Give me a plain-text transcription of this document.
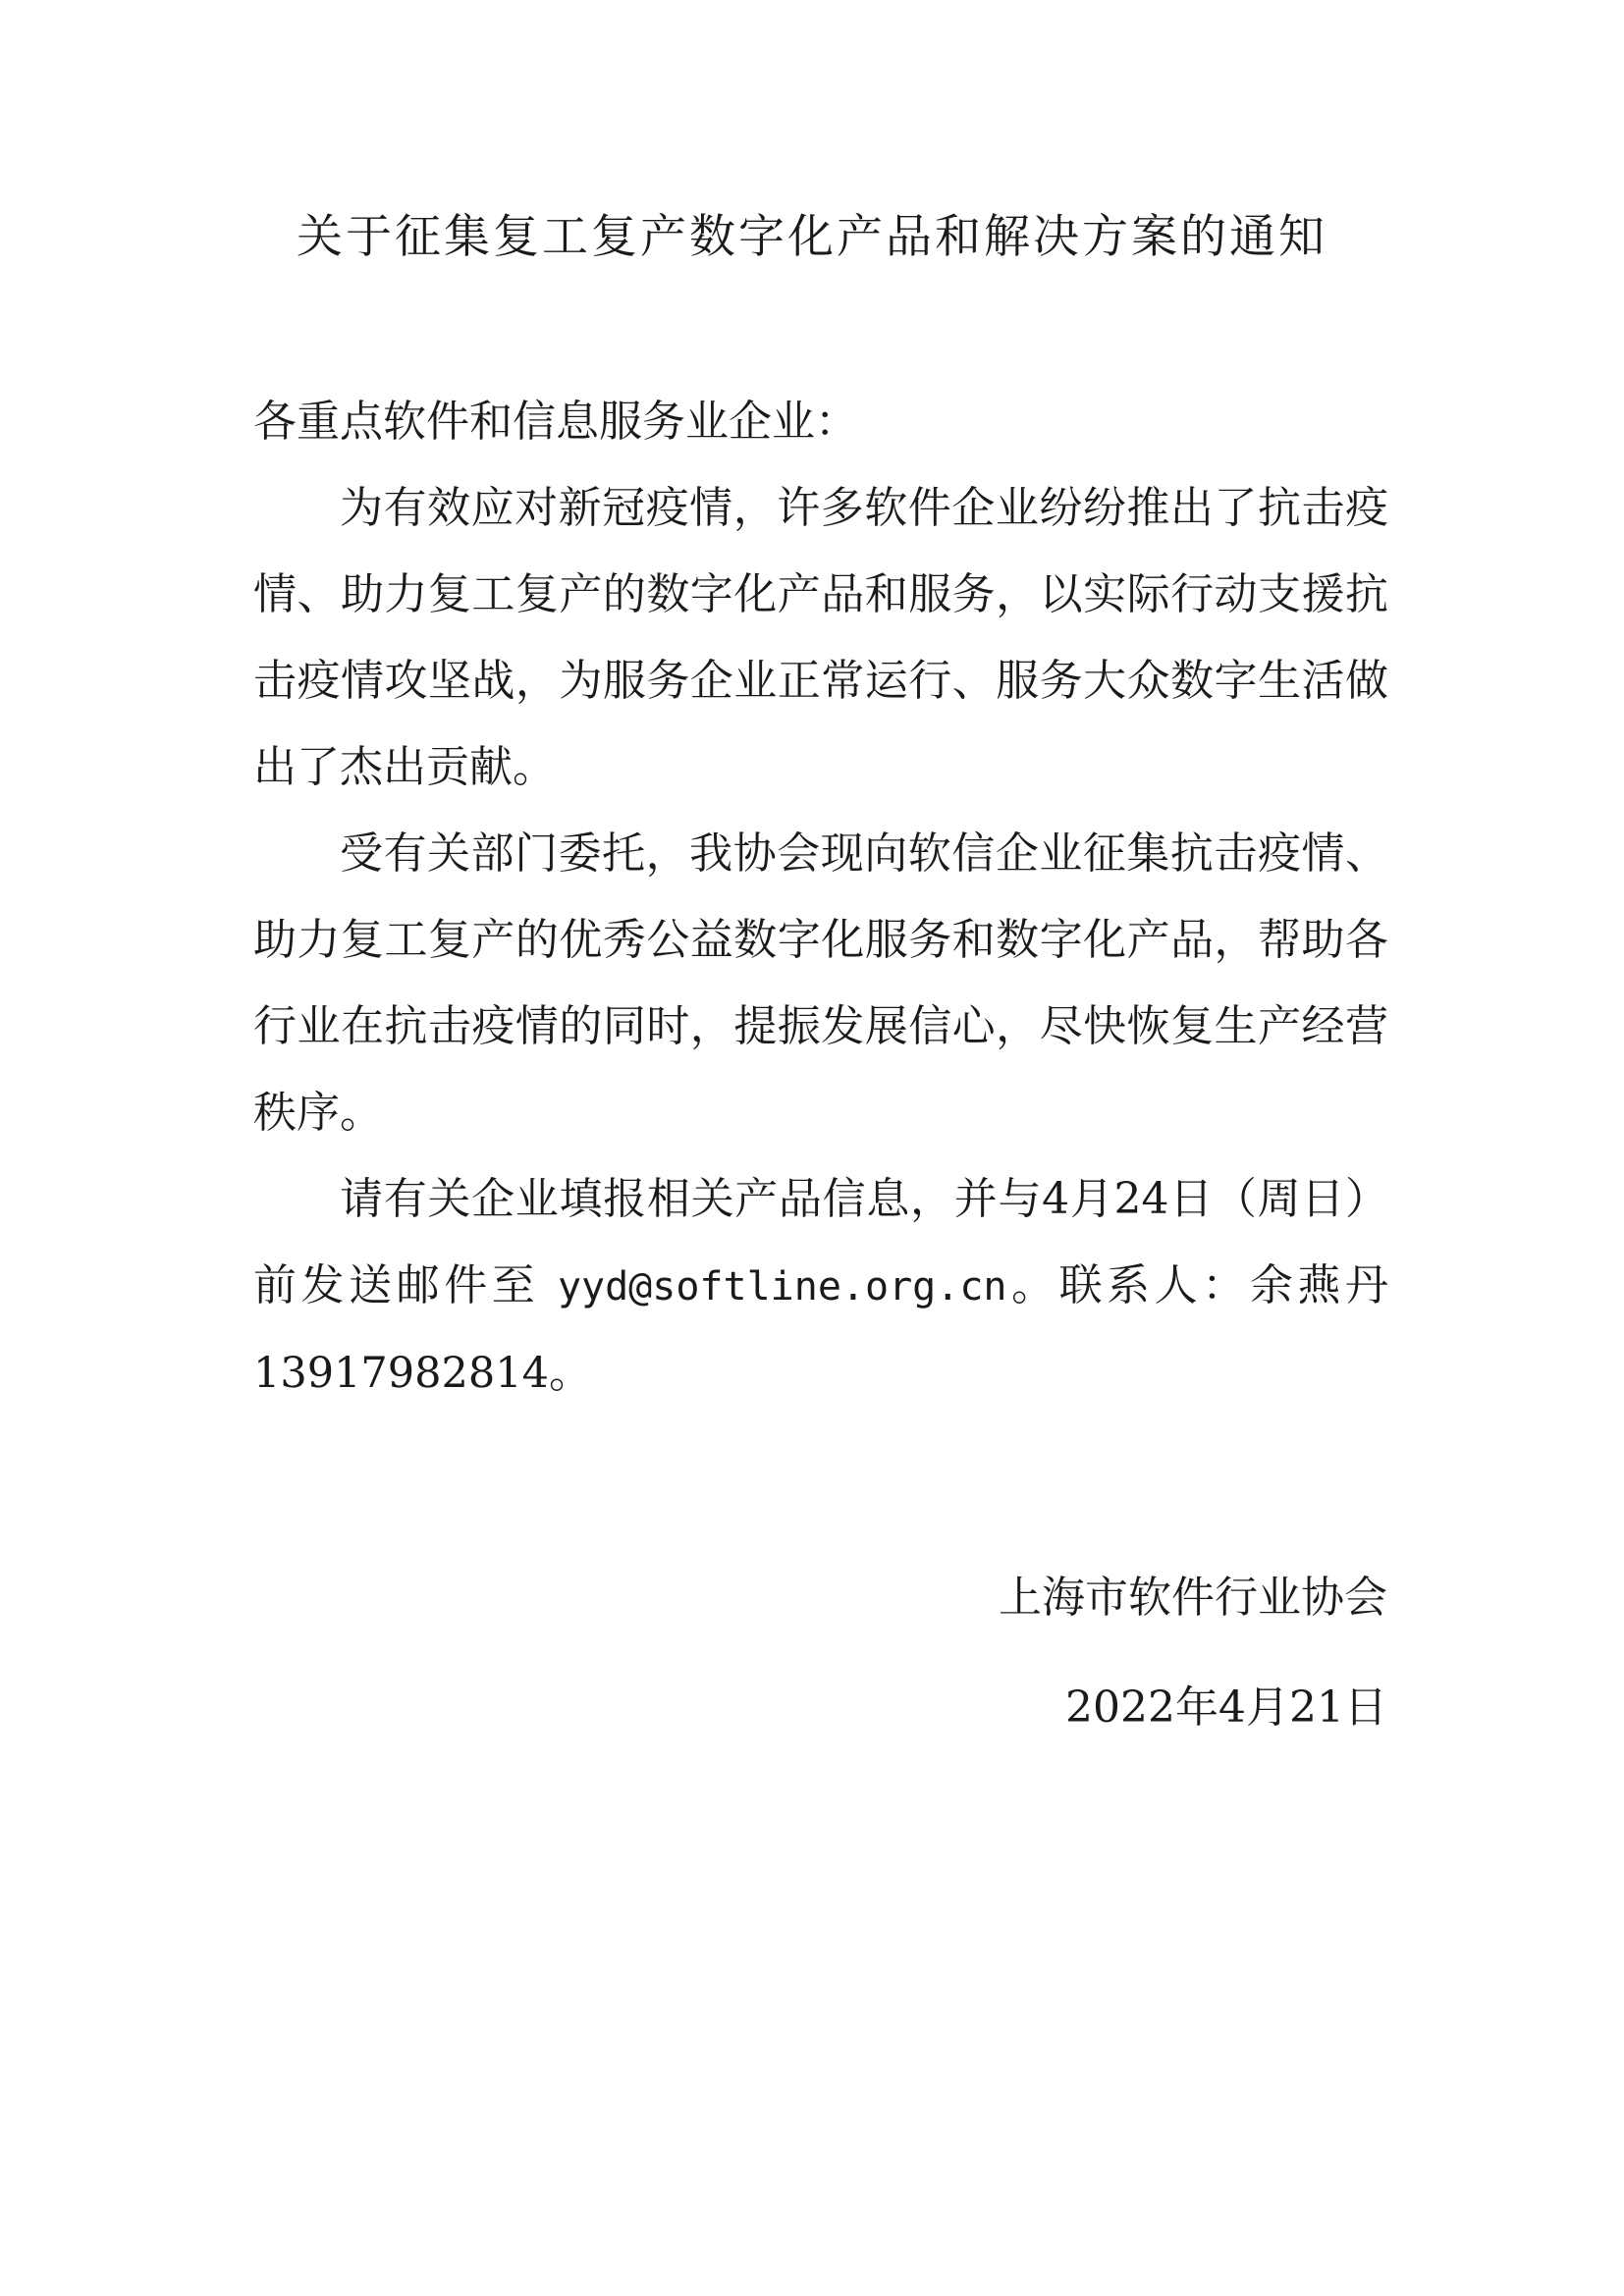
关于征集复工复产数字化产品和解决方案的通知

各重点软件和信息服务业企业：

为有效应对新冠疫情，许多软件企业纷纷推出了抗击疫情、助力复工复产的数字化产品和服务，以实际行动支援抗击疫情攻坚战，为服务企业正常运行、服务大众数字生活做出了杰出贡献。

受有关部门委托，我协会现向软信企业征集抗击疫情、助力复工复产的优秀公益数字化服务和数字化产品，帮助各行业在抗击疫情的同时，提振发展信心，尽快恢复生产经营秩序。

请有关企业填报相关产品信息，并与4月24日（周日）前发送邮件至 yyd@softline.org.cn。联系人：余燕丹13917982814。

上海市软件行业协会
2022年4月21日
